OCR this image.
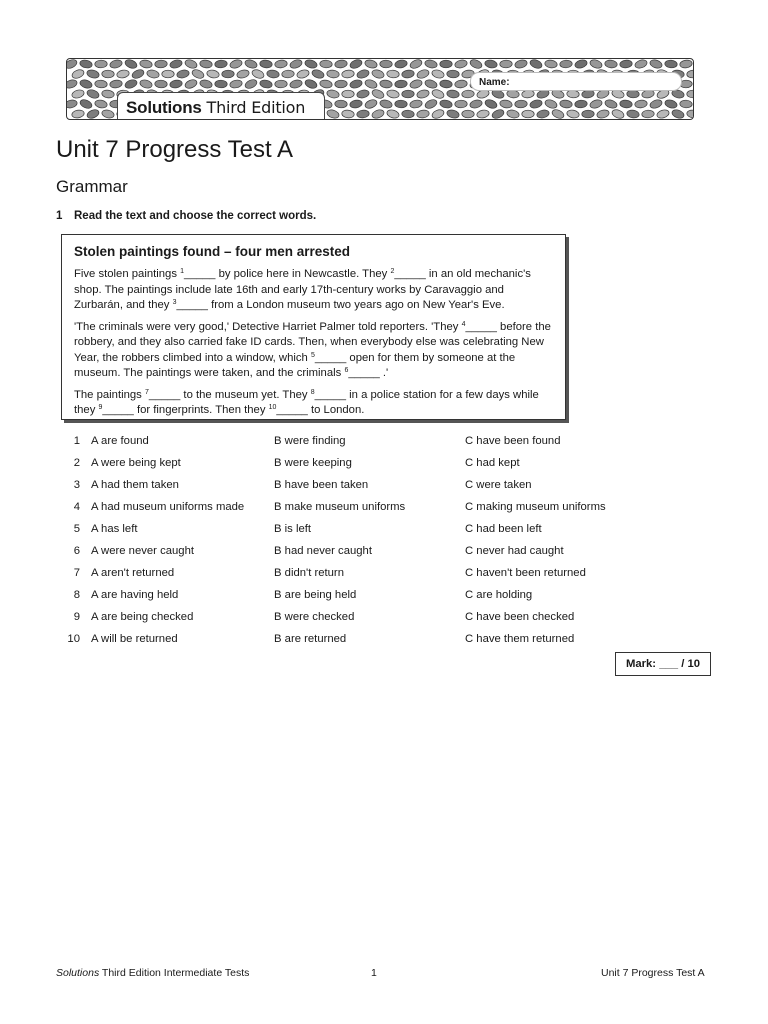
Name:
Solutions Third Edition
Unit 7 Progress Test A
Grammar
1 Read the text and choose the correct words.
Stolen paintings found – four men arrested

Five stolen paintings $^1$_____ by police here in Newcastle. They $^2$_____ in an old mechanic's shop. The paintings include late 16th and early 17th-century works by Caravaggio and Zurbarán, and they $^3$_____ from a London museum two years ago on New Year's Eve.

'The criminals were very good,' Detective Harriet Palmer told reporters. 'They $^4$_____ before the robbery, and they also carried fake ID cards. Then, when everybody else was celebrating New Year, the robbers climbed into a window, which $^5$_____ open for them by someone at the museum. The paintings were taken, and the criminals $^6$_____ .'

The paintings $^7$_____ to the museum yet. They $^8$_____ in a police station for a few days while they $^9$_____ for fingerprints. Then they $^{10}$_____ to London.

1 A are found	B were finding	C have been found
2 A were being kept	B were keeping	C had kept
3 A had them taken	B have been taken	C were taken
4 A had museum uniforms made	B make museum uniforms	C making museum uniforms
5 A has left	B is left	C had been left
6 A were never caught	B had never caught	C never had caught
7 A aren't returned	B didn't return	C haven't been returned
8 A are having held	B are being held	C are holding
9 A are being checked	B were checked	C have been checked
10 A will be returned	B are returned	C have them returned
Mark: ___ / 10
Solutions Third Edition Intermediate Tests	1	Unit 7 Progress Test A
